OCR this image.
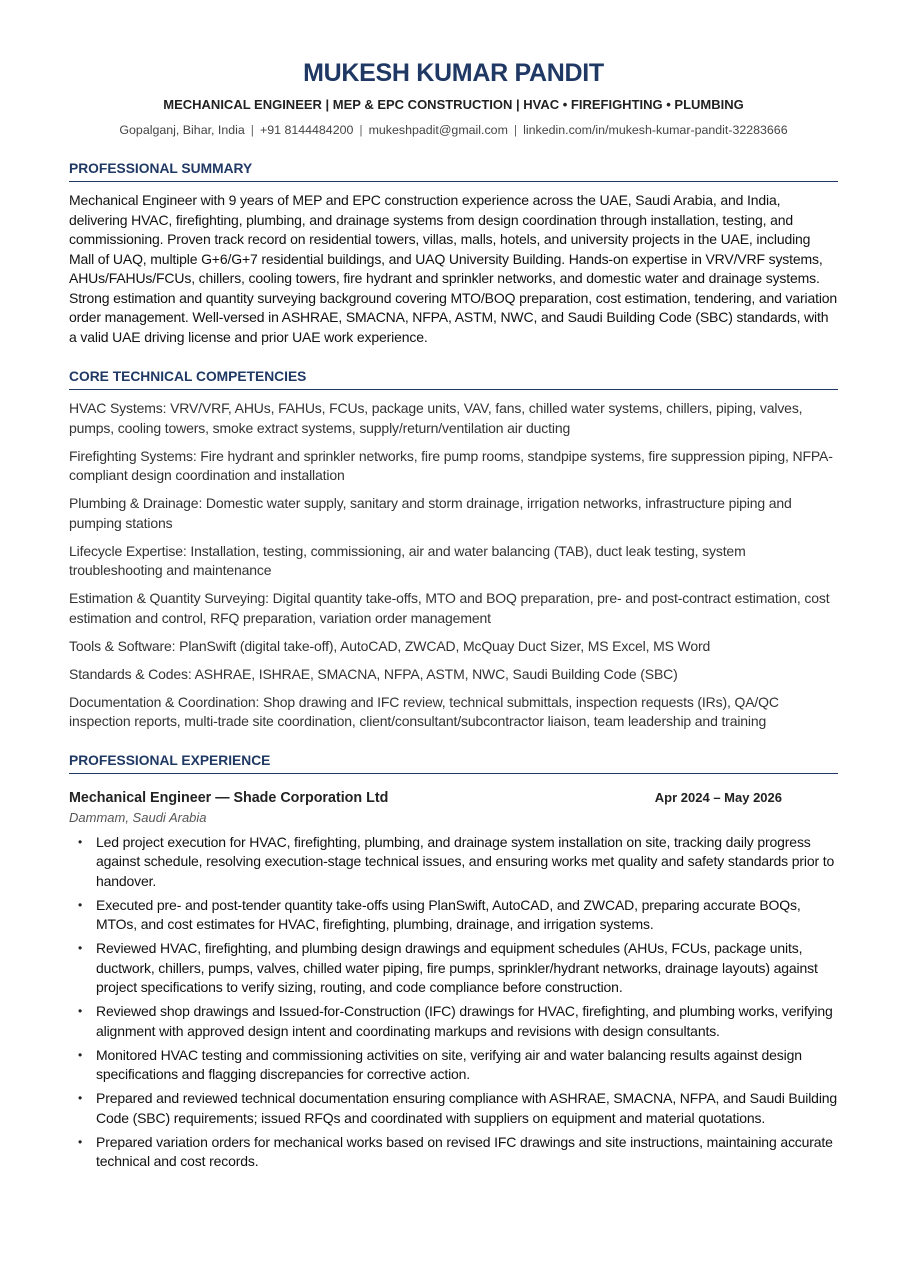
MUKESH KUMAR PANDIT
MECHANICAL ENGINEER | MEP & EPC CONSTRUCTION | HVAC • FIREFIGHTING • PLUMBING
Gopalganj, Bihar, India | +91 8144484200 | mukeshpadit@gmail.com | linkedin.com/in/mukesh-kumar-pandit-32283666
PROFESSIONAL SUMMARY
Mechanical Engineer with 9 years of MEP and EPC construction experience across the UAE, Saudi Arabia, and India, delivering HVAC, firefighting, plumbing, and drainage systems from design coordination through installation, testing, and commissioning. Proven track record on residential towers, villas, malls, hotels, and university projects in the UAE, including Mall of UAQ, multiple G+6/G+7 residential buildings, and UAQ University Building. Hands-on expertise in VRV/VRF systems, AHUs/FAHUs/FCUs, chillers, cooling towers, fire hydrant and sprinkler networks, and domestic water and drainage systems. Strong estimation and quantity surveying background covering MTO/BOQ preparation, cost estimation, tendering, and variation order management. Well-versed in ASHRAE, SMACNA, NFPA, ASTM, NWC, and Saudi Building Code (SBC) standards, with a valid UAE driving license and prior UAE work experience.
CORE TECHNICAL COMPETENCIES
HVAC Systems: VRV/VRF, AHUs, FAHUs, FCUs, package units, VAV, fans, chilled water systems, chillers, piping, valves, pumps, cooling towers, smoke extract systems, supply/return/ventilation air ducting
Firefighting Systems: Fire hydrant and sprinkler networks, fire pump rooms, standpipe systems, fire suppression piping, NFPA-compliant design coordination and installation
Plumbing & Drainage: Domestic water supply, sanitary and storm drainage, irrigation networks, infrastructure piping and pumping stations
Lifecycle Expertise: Installation, testing, commissioning, air and water balancing (TAB), duct leak testing, system troubleshooting and maintenance
Estimation & Quantity Surveying: Digital quantity take-offs, MTO and BOQ preparation, pre- and post-contract estimation, cost estimation and control, RFQ preparation, variation order management
Tools & Software: PlanSwift (digital take-off), AutoCAD, ZWCAD, McQuay Duct Sizer, MS Excel, MS Word
Standards & Codes: ASHRAE, ISHRAE, SMACNA, NFPA, ASTM, NWC, Saudi Building Code (SBC)
Documentation & Coordination: Shop drawing and IFC review, technical submittals, inspection requests (IRs), QA/QC inspection reports, multi-trade site coordination, client/consultant/subcontractor liaison, team leadership and training
PROFESSIONAL EXPERIENCE
Mechanical Engineer — Shade Corporation Ltd	Apr 2024 – May 2026
Dammam, Saudi Arabia
• Led project execution for HVAC, firefighting, plumbing, and drainage system installation on site, tracking daily progress against schedule, resolving execution-stage technical issues, and ensuring works met quality and safety standards prior to handover.
• Executed pre- and post-tender quantity take-offs using PlanSwift, AutoCAD, and ZWCAD, preparing accurate BOQs, MTOs, and cost estimates for HVAC, firefighting, plumbing, drainage, and irrigation systems.
• Reviewed HVAC, firefighting, and plumbing design drawings and equipment schedules (AHUs, FCUs, package units, ductwork, chillers, pumps, valves, chilled water piping, fire pumps, sprinkler/hydrant networks, drainage layouts) against project specifications to verify sizing, routing, and code compliance before construction.
• Reviewed shop drawings and Issued-for-Construction (IFC) drawings for HVAC, firefighting, and plumbing works, verifying alignment with approved design intent and coordinating markups and revisions with design consultants.
• Monitored HVAC testing and commissioning activities on site, verifying air and water balancing results against design specifications and flagging discrepancies for corrective action.
• Prepared and reviewed technical documentation ensuring compliance with ASHRAE, SMACNA, NFPA, and Saudi Building Code (SBC) requirements; issued RFQs and coordinated with suppliers on equipment and material quotations.
• Prepared variation orders for mechanical works based on revised IFC drawings and site instructions, maintaining accurate technical and cost records.
